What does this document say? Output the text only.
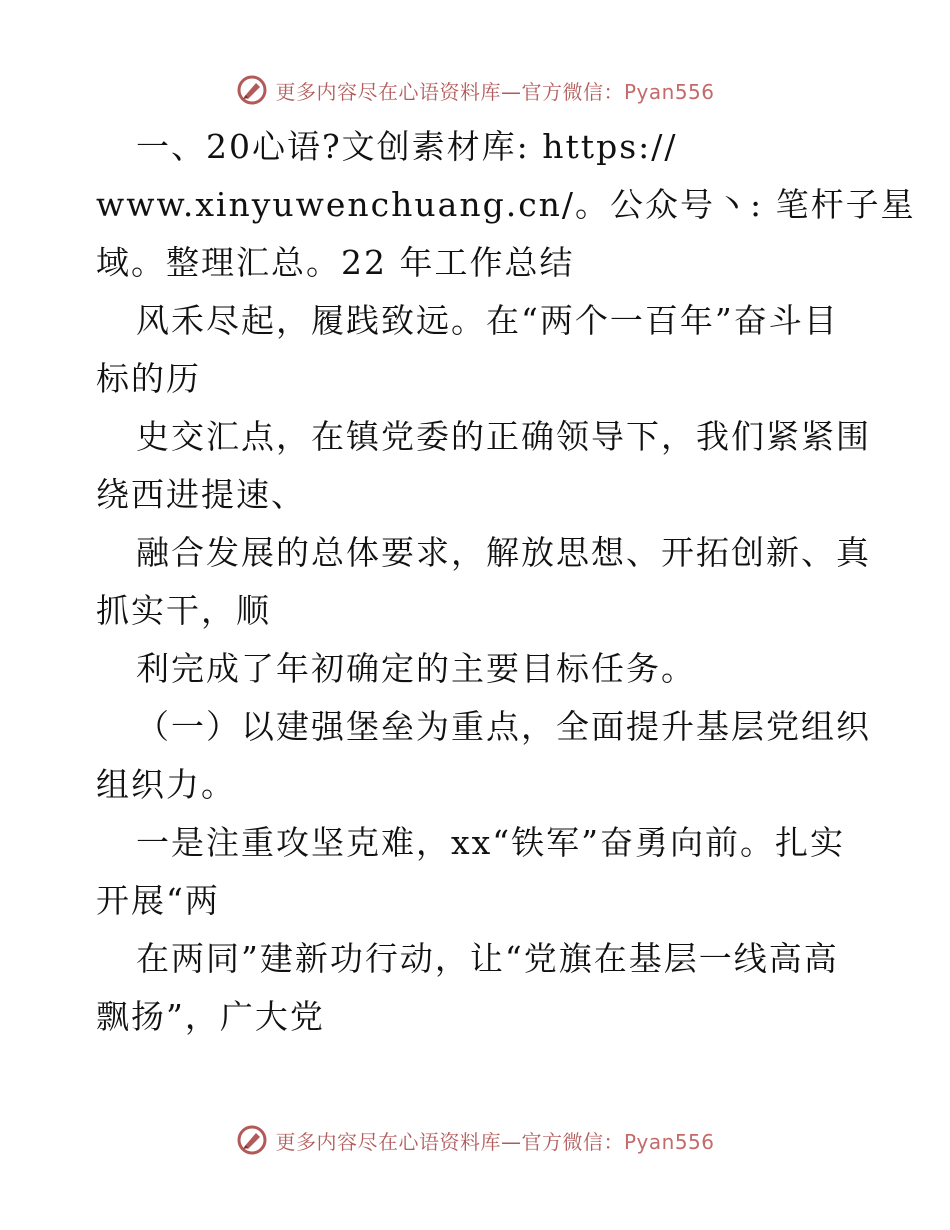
更多内容尽在心语资料库—官方微信：Pyan556
一、20心语?文创素材库: https://
www.xinyuwenchuang.cn/。公众号丶: 笔杆子星
域。整理汇总。22 年工作总结
风禾尽起，履践致远。在“两个一百年”奋斗目
标的历
史交汇点，在镇党委的正确领导下，我们紧紧围
绕西进提速、
融合发展的总体要求，解放思想、开拓创新、真
抓实干，顺
利完成了年初确定的主要目标任务。
（一）以建强堡垒为重点，全面提升基层党组织
组织力。
一是注重攻坚克难，xx“铁军”奋勇向前。扎实
开展“两
在两同”建新功行动，让“党旗在基层一线高高
飘扬”，广大党
更多内容尽在心语资料库—官方微信：Pyan556
